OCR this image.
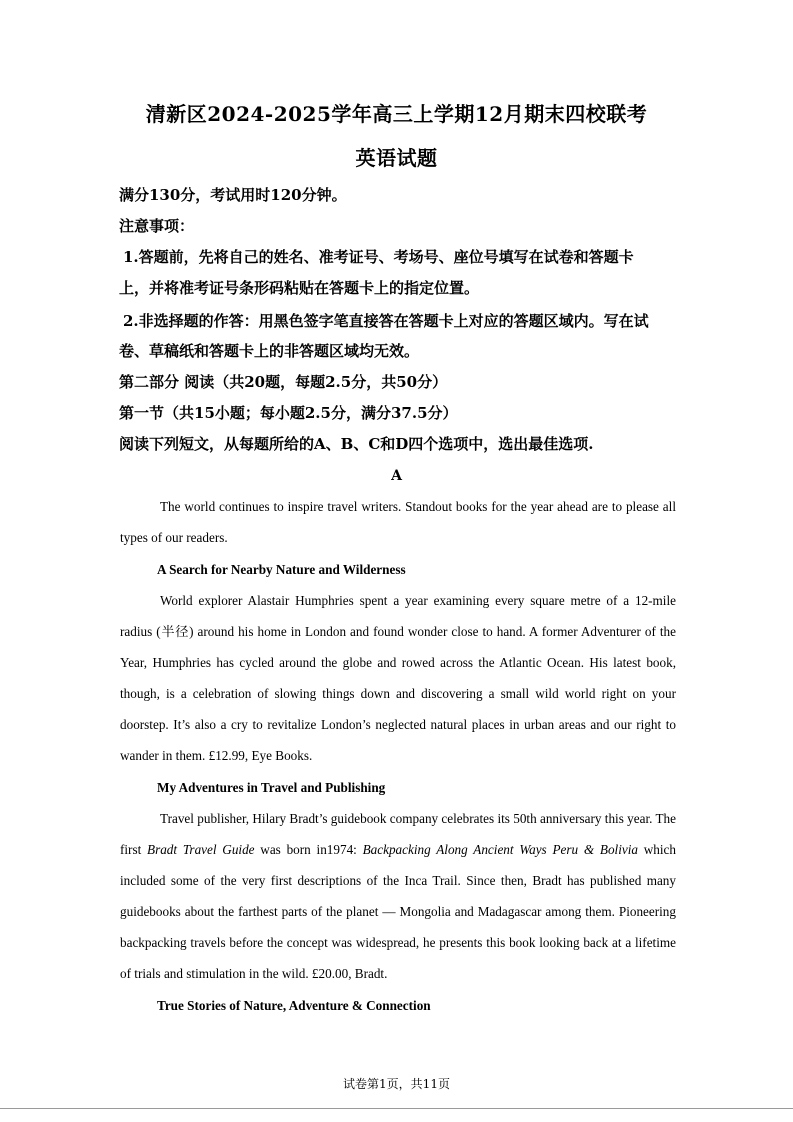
清新区2024-2025学年高三上学期12月期末四校联考
英语试题
满分130分，考试用时120分钟。
注意事项：
1.答题前，先将自己的姓名、准考证号、考场号、座位号填写在试卷和答题卡
上，并将准考证号条形码粘贴在答题卡上的指定位置。
2.非选择题的作答：用黑色签字笔直接答在答题卡上对应的答题区域内。写在试
卷、草稿纸和答题卡上的非答题区域均无效。
第二部分 阅读（共20题，每题2.5分，共50分）
第一节（共15小题；每小题2.5分，满分37.5分）
阅读下列短文，从每题所给的A、B、C和D四个选项中，选出最佳选项.
A
The world continues to inspire travel writers. Standout books for the year ahead are to please all types of our readers.
A Search for Nearby Nature and Wilderness
World explorer Alastair Humphries spent a year examining every square metre of a 12-mile radius (半径) around his home in London and found wonder close to hand. A former Adventurer of the Year, Humphries has cycled around the globe and rowed across the Atlantic Ocean. His latest book, though, is a celebration of slowing things down and discovering a small wild world right on your doorstep. It’s also a cry to revitalize London’s neglected natural places in urban areas and our right to wander in them. £12.99, Eye Books.
My Adventures in Travel and Publishing
Travel publisher, Hilary Bradt’s guidebook company celebrates its 50th anniversary this year. The first Bradt Travel Guide was born in1974: Backpacking Along Ancient Ways Peru & Bolivia which included some of the very first descriptions of the Inca Trail. Since then, Bradt has published many guidebooks about the farthest parts of the planet — Mongolia and Madagascar among them. Pioneering backpacking travels before the concept was widespread, he presents this book looking back at a lifetime of trials and stimulation in the wild. £20.00, Bradt.
True Stories of Nature, Adventure & Connection
试卷第1页，共11页
